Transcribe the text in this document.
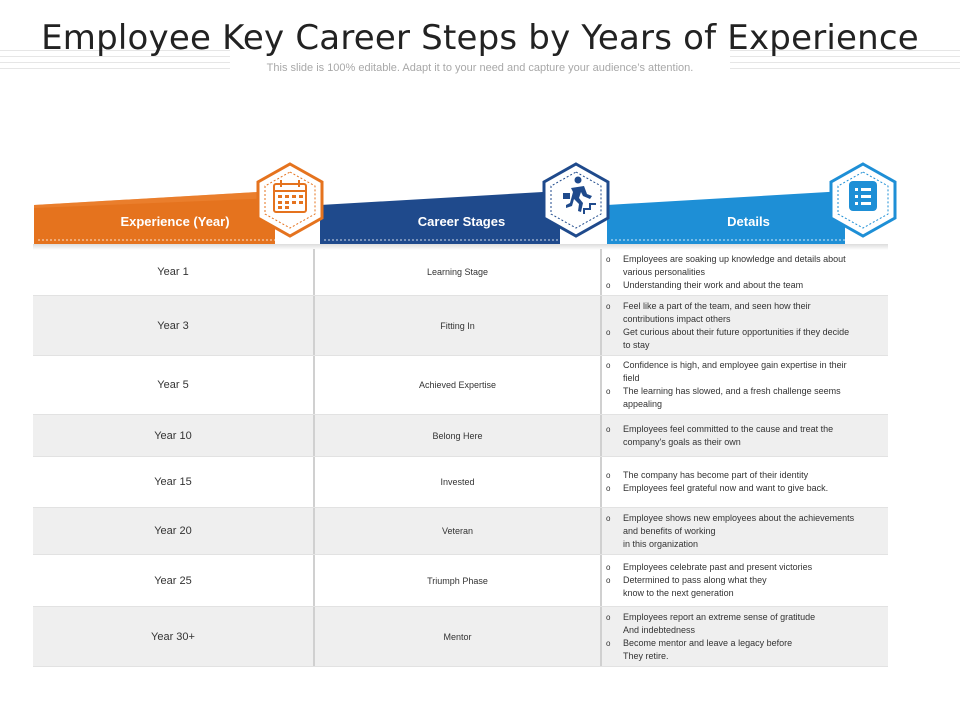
Employee Key Career Steps by Years of Experience
This slide is 100% editable. Adapt it to your need and capture your audience’s attention.
Experience (Year)	Career Stages	Details
Year 1	Learning Stage
o	Employees are soaking up knowledge and details about
various personalities
o	Understanding their work and about the team
Year 3	Fitting In
o	Feel like a part of the team, and seen how their
contributions impact others
o	Get curious about their future opportunities if they decide
to stay
Year 5	Achieved Expertise
o	Confidence is high, and employee gain expertise in their
field
o	The learning has slowed, and a fresh challenge seems
appealing
Year 10	Belong Here
o	Employees feel committed to the cause and treat the
company's goals as their own
Year 15	Invested
o	The company has become part of their identity
o	Employees feel grateful now and want to give back.
Year 20	Veteran
o	Employee shows new employees about the achievements
and benefits of working
in this organization
Year 25	Triumph Phase
o	Employees celebrate past and present victories
o	Determined to pass along what they
know to the next generation
Year 30+	Mentor
o	Employees report an extreme sense of gratitude
And indebtedness
o	Become mentor and leave a legacy before
They retire.
